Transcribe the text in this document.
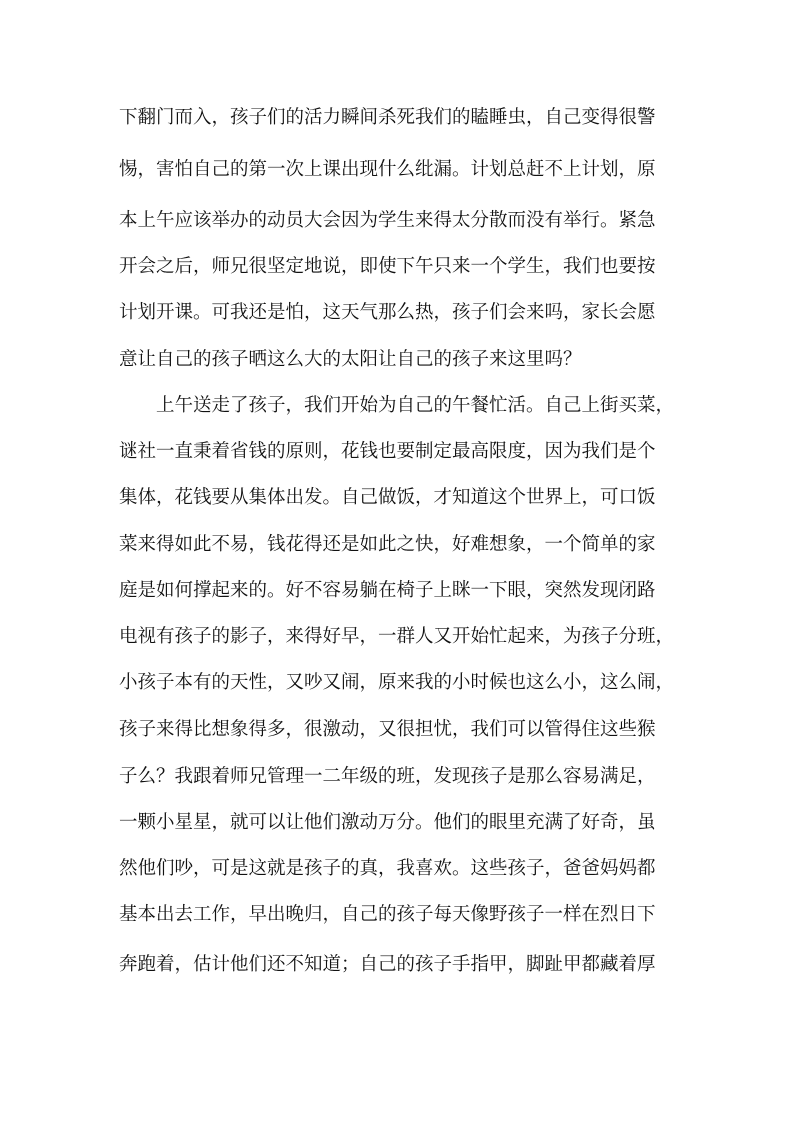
下翻门而入，孩子们的活力瞬间杀死我们的瞌睡虫，自己变得很警
惕，害怕自己的第一次上课出现什么纰漏。计划总赶不上计划，原
本上午应该举办的动员大会因为学生来得太分散而没有举行。紧急
开会之后，师兄很坚定地说，即使下午只来一个学生，我们也要按
计划开课。可我还是怕，这天气那么热，孩子们会来吗，家长会愿
意让自己的孩子晒这么大的太阳让自己的孩子来这里吗？
上午送走了孩子，我们开始为自己的午餐忙活。自己上街买菜，
谜社一直秉着省钱的原则，花钱也要制定最高限度，因为我们是个
集体，花钱要从集体出发。自己做饭，才知道这个世界上，可口饭
菜来得如此不易，钱花得还是如此之快，好难想象，一个简单的家
庭是如何撑起来的。好不容易躺在椅子上眯一下眼，突然发现闭路
电视有孩子的影子，来得好早，一群人又开始忙起来，为孩子分班，
小孩子本有的天性，又吵又闹，原来我的小时候也这么小，这么闹，
孩子来得比想象得多，很激动，又很担忧，我们可以管得住这些猴
子么？我跟着师兄管理一二年级的班，发现孩子是那么容易满足，
一颗小星星，就可以让他们激动万分。他们的眼里充满了好奇，虽
然他们吵，可是这就是孩子的真，我喜欢。这些孩子，爸爸妈妈都
基本出去工作，早出晚归，自己的孩子每天像野孩子一样在烈日下
奔跑着，估计他们还不知道；自己的孩子手指甲，脚趾甲都藏着厚
